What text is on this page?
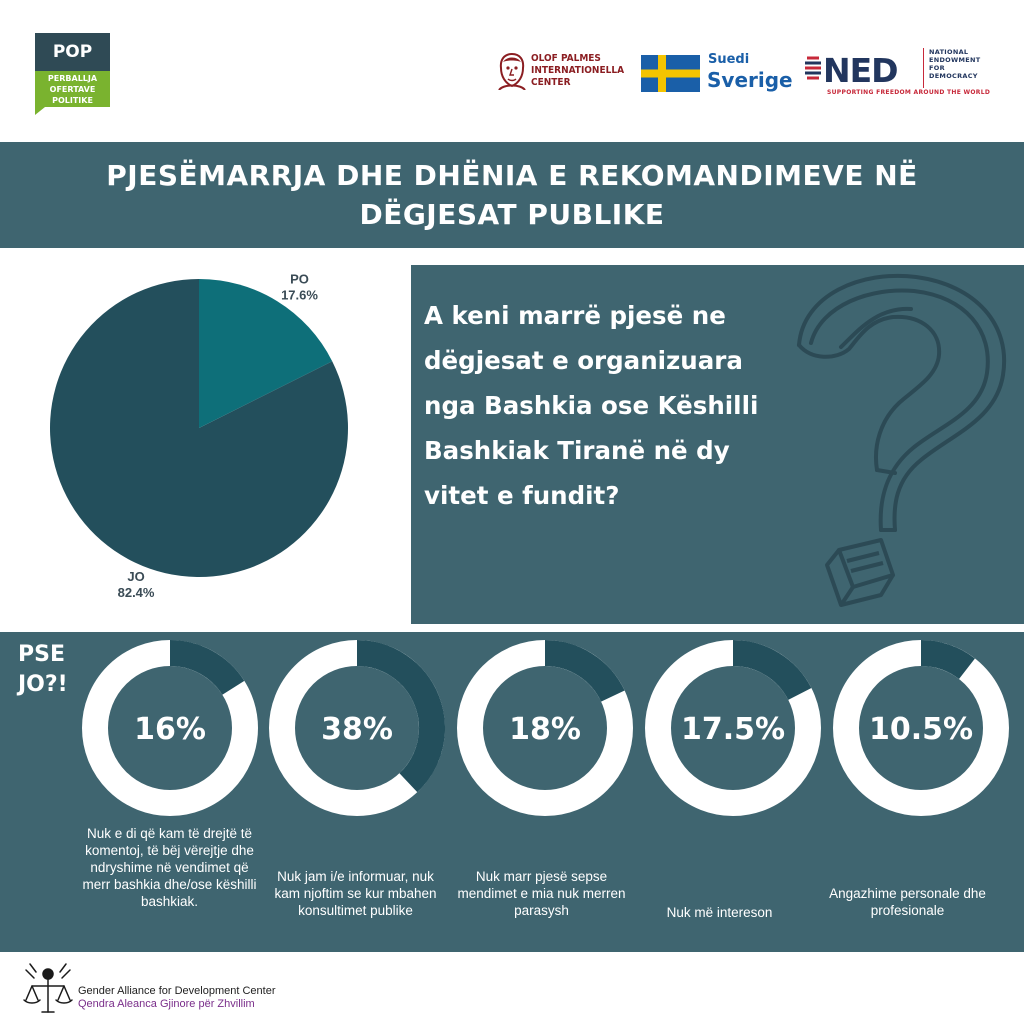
POP
PERBALLJA
OFERTAVE
POLITIKE
OLOF PALMES
INTERNATIONELLA
CENTER
Suedi
Sverige NED	NATIONAL
ENDOWMENT
FOR
DEMOCRACY
SUPPORTING FREEDOM AROUND THE WORLD
PJESËMARRJA DHE DHËNIA E REKOMANDIMEVE NË DËGJESAT PUBLIKE
PO
17.6%
JO
82.4%
A keni marrë pjesë ne dëgjesat e organizuara nga Bashkia ose Këshilli Bashkiak Tiranë në dy vitet e fundit?
16%	38%	18%	17.5%	10.5%
PSE
JO?!
Nuk e di që kam të drejtë të komentoj, të bëj vërejtje dhe ndryshime në vendimet që merr bashkia dhe/ose këshilli bashkiak.
Nuk jam i/e informuar, nuk kam njoftim se kur mbahen konsultimet publike
Nuk marr pjesë sepse mendimet e mia nuk merren parasysh	Nuk më intereson
Angazhime personale dhe profesionale
Gender Alliance for Development Center
Qendra Aleanca Gjinore për Zhvillim
